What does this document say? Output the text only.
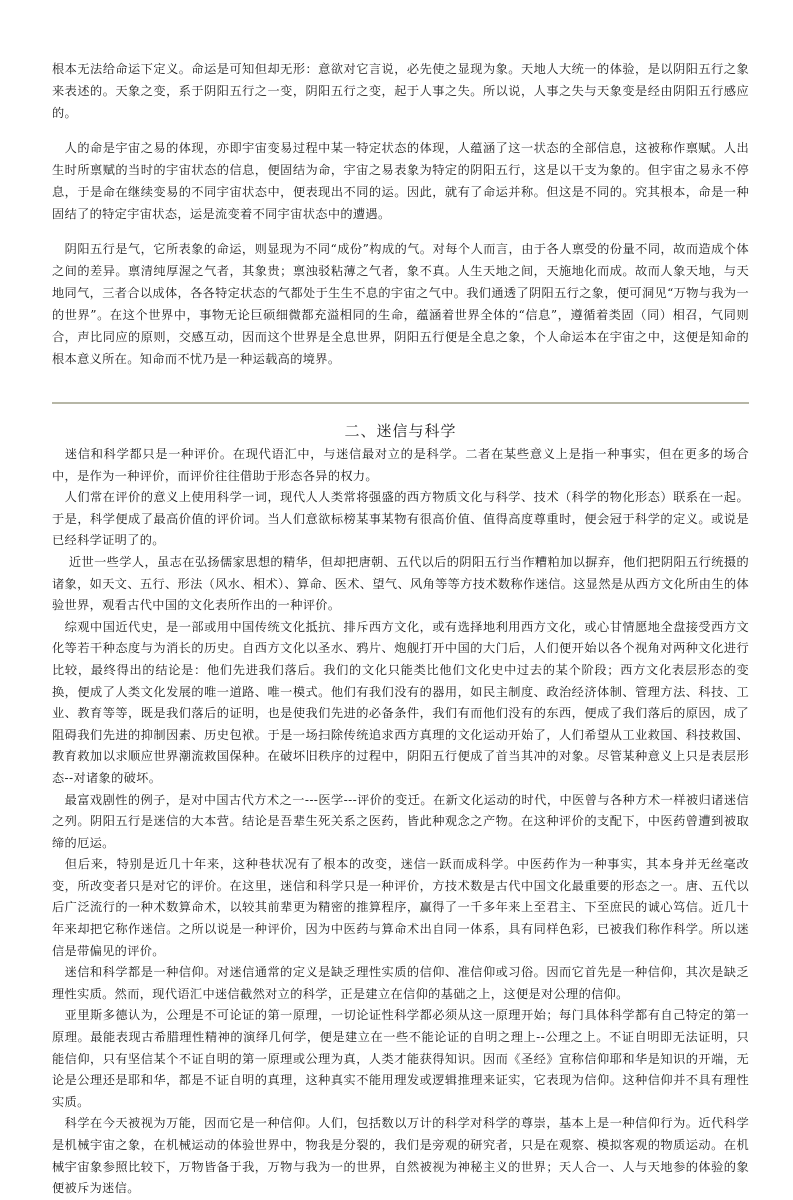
根本无法给命运下定义。命运是可知但却无形：意欲对它言说，必先使之显现为象。天地人大统一的体验，是以阴阳五行之象来表述的。天象之变，系于阴阳五行之一变，阴阳五行之变，起于人事之失。所以说，人事之失与天象变是经由阴阳五行感应的。

　人的命是宇宙之易的体现，亦即宇宙变易过程中某一特定状态的体现，人蕴涵了这一状态的全部信息，这被称作禀赋。人出生时所禀赋的当时的宇宙状态的信息，便固结为命，宇宙之易表象为特定的阴阳五行，这是以干支为象的。但宇宙之易永不停息，于是命在继续变易的不同宇宙状态中，便表现出不同的运。因此，就有了命运并称。但这是不同的。究其根本，命是一种固结了的特定宇宙状态，运是流变着不同宇宙状态中的遭遇。

　阴阳五行是气，它所表象的命运，则显现为不同“成份”构成的气。对每个人而言，由于各人禀受的份量不同，故而造成个体之间的差异。禀清纯厚渥之气者，其象贵；禀浊驳粘薄之气者，象不真。人生天地之间，天施地化而成。故而人象天地，与天地同气，三者合以成体，各各特定状态的气都处于生生不息的宇宙之气中。我们通透了阴阳五行之象，便可洞见“万物与我为一的世界”。在这个世界中，事物无论巨硕细微都充溢相同的生命，蕴涵着世界全体的“信息”，遵循着类固（同）相召，气同则合，声比同应的原则，交感互动，因而这个世界是全息世界，阴阳五行便是全息之象，个人命运本在宇宙之中，这便是知命的根本意义所在。知命而不忧乃是一种运载高的境界。

二、迷信与科学

　迷信和科学都只是一种评价。在现代语汇中，与迷信最对立的是科学。二者在某些意义上是指一种事实，但在更多的场合中，是作为一种评价，而评价往往借助于形态各异的权力。

　人们常在评价的意义上使用科学一词，现代人人类常将强盛的西方物质文化与科学、技术（科学的物化形态）联系在一起。于是，科学便成了最高价值的评价词。当人们意欲标榜某事某物有很高价值、值得高度尊重时，便会冠于科学的定义。或说是已经科学证明了的。

　 近世一些学人，虽志在弘扬儒家思想的精华，但却把唐朝、五代以后的阴阳五行当作糟粕加以摒弃，他们把阴阳五行统摄的诸象，如天文、五行、形法（风水、相术）、算命、医术、望气、风角等等方技术数称作迷信。这显然是从西方文化所由生的体验世界，观看古代中国的文化表所作出的一种评价。

　综观中国近代史，是一部或用中国传统文化抵抗、排斥西方文化，或有选择地利用西方文化，或心甘情愿地全盘接受西方文化等若干种态度与为消长的历史。自西方文化以圣水、鸦片、炮舰打开中国的大门后，人们便开始以各个视角对两种文化进行比较，最终得出的结论是：他们先进我们落后。我们的文化只能类比他们文化史中过去的某个阶段；西方文化表层形态的变换，便成了人类文化发展的唯一道路、唯一模式。他们有我们没有的器用，如民主制度、政治经济体制、管理方法、科技、工业、教育等等，既是我们落后的证明，也是使我们先进的必备条件，我们有而他们没有的东西，便成了我们落后的原因，成了阻碍我们先进的抑制因素、历史包袱。于是一场扫除传统追求西方真理的文化运动开始了，人们希望从工业救国、科技救国、教育救加以求顺应世界潮流救国保种。在破坏旧秩序的过程中，阴阳五行便成了首当其冲的对象。尽管某种意义上只是表层形态--对诸象的破坏。

　最富戏剧性的例子，是对中国古代方术之一---医学---评价的变迁。在新文化运动的时代，中医曾与各种方术一样被归诸迷信之列。阴阳五行是迷信的大本营。结论是吾辈生死关系之医药，皆此种观念之产物。在这种评价的支配下，中医药曾遭到被取缔的厄运。

　但后来，特别是近几十年来，这种巷状况有了根本的改变，迷信一跃而成科学。中医药作为一种事实，其本身并无丝毫改变，所改变者只是对它的评价。在这里，迷信和科学只是一种评价，方技术数是古代中国文化最重要的形态之一。唐、五代以后广泛流行的一种术数算命术，以较其前辈更为精密的推算程序，赢得了一千多年来上至君主、下至庶民的诚心笃信。近几十年来却把它称作迷信。之所以说是一种评价，因为中医药与算命术出自同一体系，具有同样色彩，已被我们称作科学。所以迷信是带偏见的评价。

　迷信和科学都是一种信仰。对迷信通常的定义是缺乏理性实质的信仰、准信仰或习俗。因而它首先是一种信仰，其次是缺乏理性实质。然而，现代语汇中迷信截然对立的科学，正是建立在信仰的基础之上，这便是对公理的信仰。

　亚里斯多德认为，公理是不可论证的第一原理，一切论证性科学都必须从这一原理开始；每门具体科学都有自己特定的第一原理。最能表现古希腊理性精神的演绎几何学，便是建立在一些不能论证的自明之理上--公理之上。不证自明即无法证明，只能信仰，只有坚信某个不证自明的第一原理或公理为真，人类才能获得知识。因而《圣经》宣称信仰耶和华是知识的开端，无论是公理还是耶和华，都是不证自明的真理，这种真实不能用理发或逻辑推理来证实，它表现为信仰。这种信仰并不具有理性实质。

　科学在今天被视为万能，因而它是一种信仰。人们，包括数以万计的科学对科学的尊崇，基本上是一种信仰行为。近代科学是机械宇宙之象，在机械运动的体验世界中，物我是分裂的，我们是旁观的研究者，只是在观察、模拟客观的物质运动。在机械宇宙象参照比较下，万物皆备于我，万物与我为一的世界，自然被视为神秘主义的世界；天人合一、人与天地参的体验的象便被斥为迷信。
